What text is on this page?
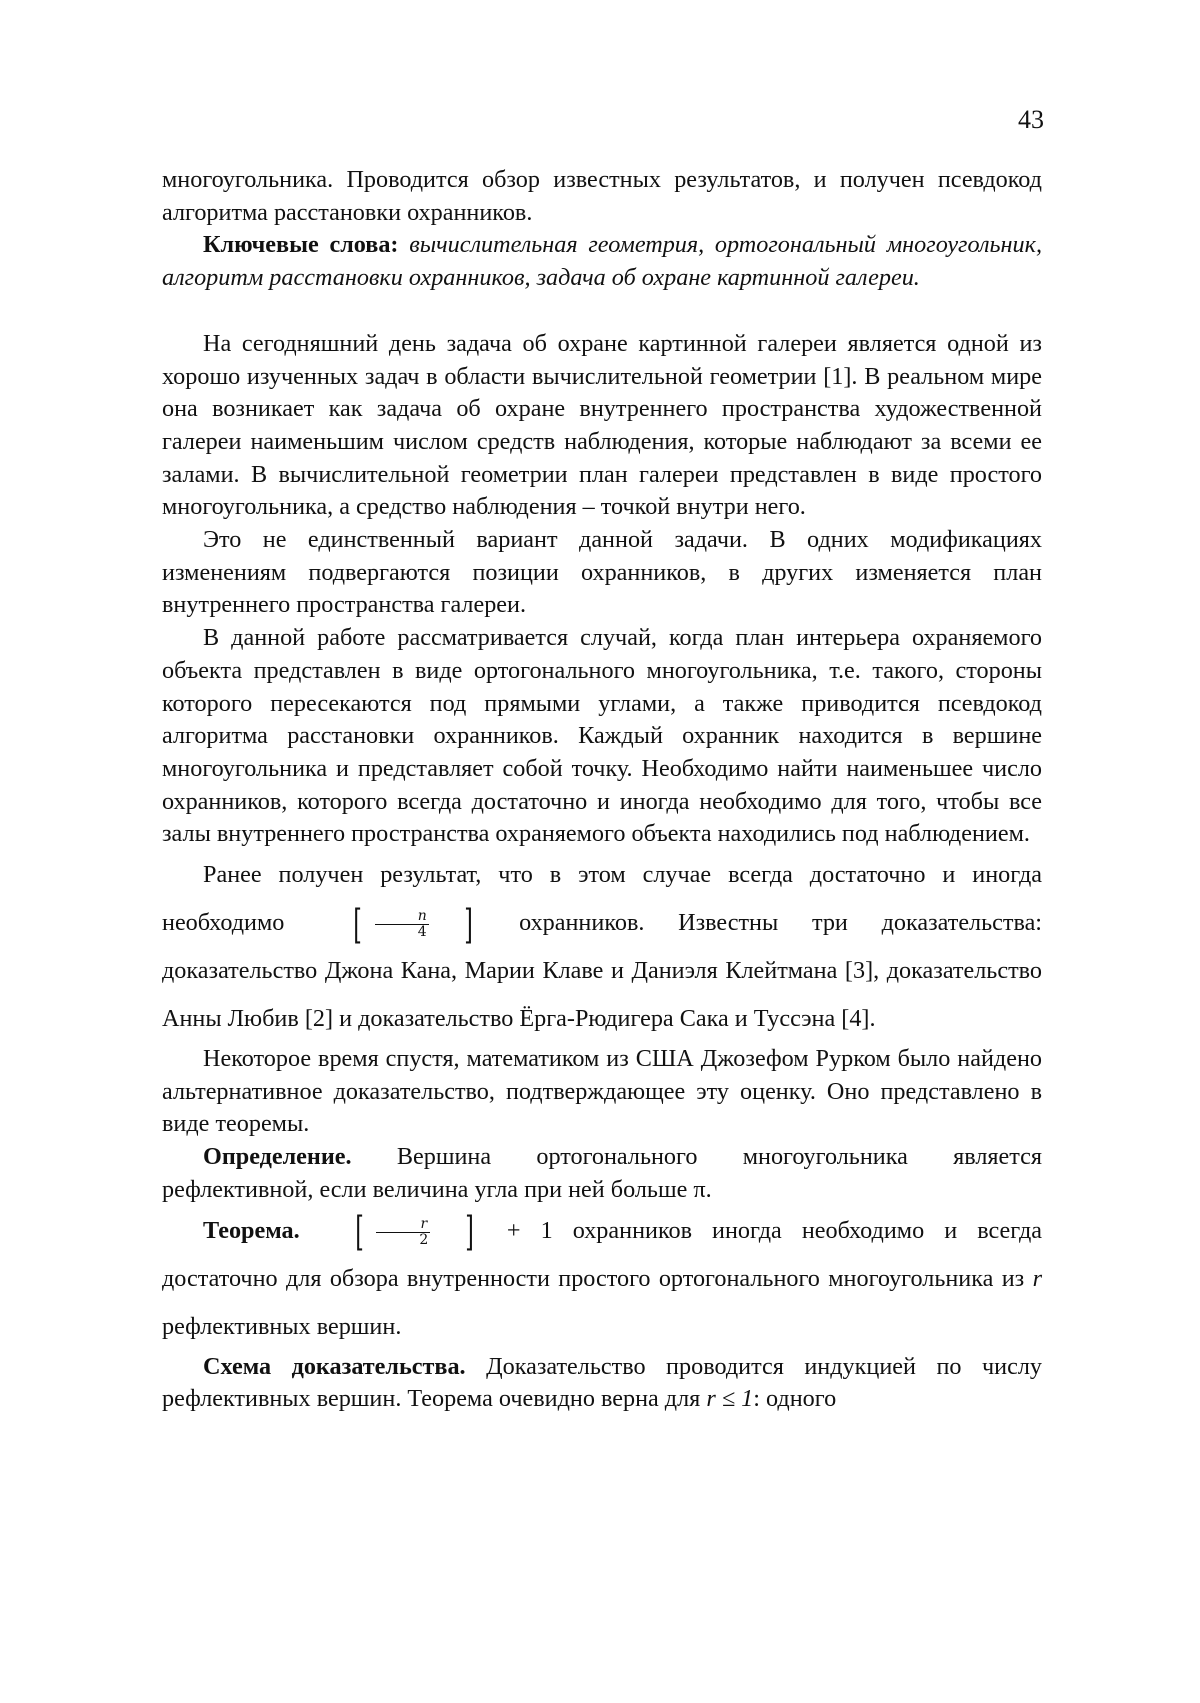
43

многоугольника. Проводится обзор известных результатов, и получен псевдокод алгоритма расстановки охранников.

Ключевые слова: вычислительная геометрия, ортогональный многоугольник, алгоритм расстановки охранников, задача об охране картинной галереи.

На сегодняшний день задача об охране картинной галереи является одной из хорошо изученных задач в области вычислительной геометрии [1]. В реальном мире она возникает как задача об охране внутреннего пространства художественной галереи наименьшим числом средств наблюдения, которые наблюдают за всеми ее залами. В вычислительной геометрии план галереи представлен в виде простого многоугольника, а средство наблюдения – точкой внутри него.

Это не единственный вариант данной задачи. В одних модификациях изменениям подвергаются позиции охранников, в других изменяется план внутреннего пространства галереи.

В данной работе рассматривается случай, когда план интерьера охраняемого объекта представлен в виде ортогонального многоугольника, т.е. такого, стороны которого пересекаются под прямыми углами, а также приводится псевдокод алгоритма расстановки охранников. Каждый охранник находится в вершине многоугольника и представляет собой точку. Необходимо найти наименьшее число охранников, которого всегда достаточно и иногда необходимо для того, чтобы все залы внутреннего пространства охраняемого объекта находились под наблюдением.

Ранее получен результат, что в этом случае всегда достаточно и иногда необходимо	[	n
4 ] охранников. Известны три доказательства: доказательство Джона Кана, Марии Клаве и Даниэля Клейтмана [3], доказательство Анны Любив [2] и доказательство Ёрга-Рюдигера Сака и Туссэна [4].

Некоторое время спустя, математиком из США Джозефом Рурком было найдено альтернативное доказательство, подтверждающее эту оценку. Оно представлено в виде теоремы.

Определение. Вершина ортогонального многоугольника является рефлективной, если величина угла при ней больше π.

Теорема.	[	r
2 ] + 1 охранников иногда необходимо и всегда достаточно для обзора внутренности простого ортогонального многоугольника из r рефлективных вершин.

Схема доказательства. Доказательство проводится индукцией по числу рефлективных вершин. Теорема очевидно верна для r ≤ 1: одного
